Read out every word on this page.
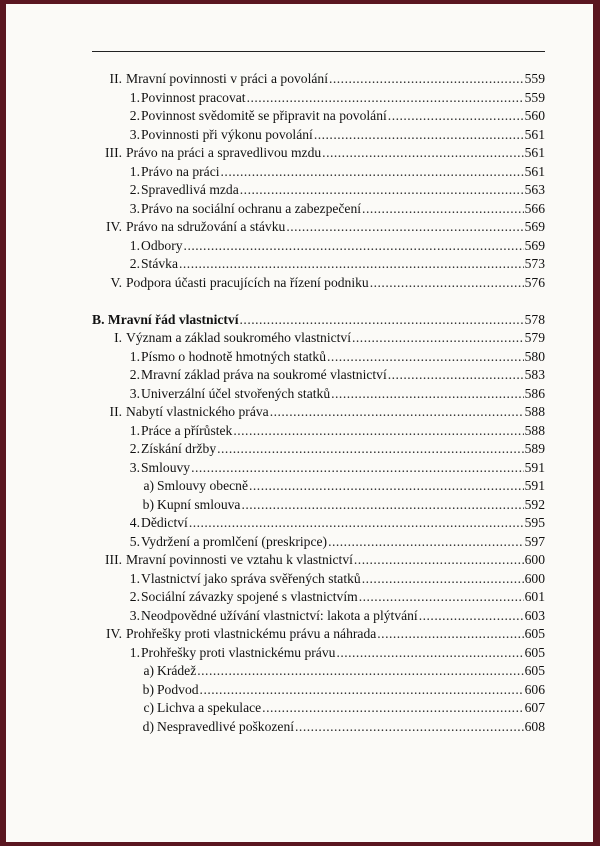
II. Mravní povinnosti v práci a povolání .....	559
1. Povinnost pracovat .....	559
2. Povinnost svědomitě se připravit na povolání .....	560
3. Povinnosti při výkonu povolání .....	561
III. Právo na práci a spravedlivou mzdu .....	561
1. Právo na práci .....	561
2. Spravedlivá mzda .....	563
3. Právo na sociální ochranu a zabezpečení .....	566
IV. Právo na sdružování a stávku .....	569
1. Odbory .....	569
2. Stávka .....	573
V. Podpora účasti pracujících na řízení podniku .....	576
B. Mravní řád vlastnictví .....	578
I. Význam a základ soukromého vlastnictví .....	579
1. Písmo o hodnotě hmotných statků .....	580
2. Mravní základ práva na soukromé vlastnictví .....	583
3. Univerzální účel stvořených statků .....	586
II. Nabytí vlastnického práva .....	588
1. Práce a přírůstek .....	588
2. Získání držby .....	589
3. Smlouvy .....	591
a) Smlouvy obecně .....	591
b) Kupní smlouva .....	592
4. Dědictví .....	595
5. Vydržení a promlčení (preskripce) .....	597
III. Mravní povinnosti ve vztahu k vlastnictví .....	600
1. Vlastnictví jako správa svěřených statků .....	600
2. Sociální závazky spojené s vlastnictvím .....	601
3. Neodpovědné užívání vlastnictví: lakota a plýtvání .....	603
IV. Prohřešky proti vlastnickému právu a náhrada .....	605
1. Prohřešky proti vlastnickému právu .....	605
a) Krádež .....	605
b) Podvod .....	606
c) Lichva a spekulace .....	607
d) Nespravedlivé poškození .....	608
